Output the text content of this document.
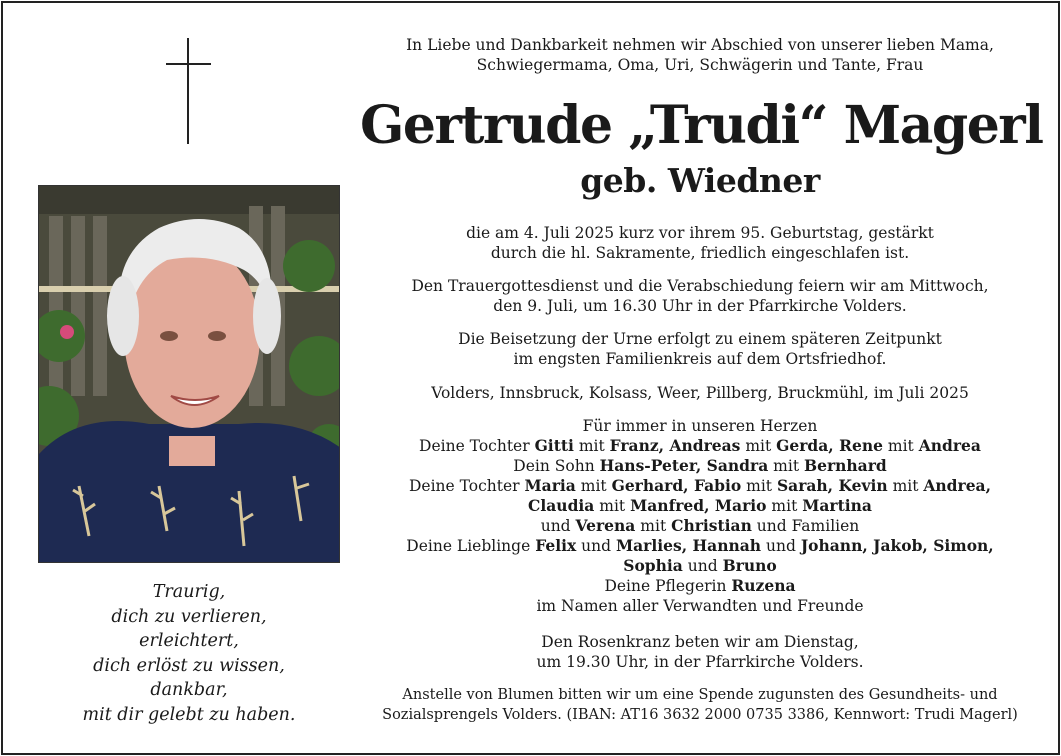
Traurig,
dich zu verlieren,
erleichtert,
dich erlöst zu wissen,
dankbar,
mit dir gelebt zu haben.
In Liebe und Dankbarkeit nehmen wir Abschied von unserer lieben Mama,
Schwiegermama, Oma, Uri, Schwägerin und Tante, Frau
Gertrude „Trudi“ Magerl
geb. Wiedner
die am 4. Juli 2025 kurz vor ihrem 95. Geburtstag, gestärkt
durch die hl. Sakramente, friedlich eingeschlafen ist.
Den Trauergottesdienst und die Verabschiedung feiern wir am Mittwoch,
den 9. Juli, um 16.30 Uhr in der Pfarrkirche Volders.
Die Beisetzung der Urne erfolgt zu einem späteren Zeitpunkt
im engsten Familienkreis auf dem Ortsfriedhof.
Volders, Innsbruck, Kolsass, Weer, Pillberg, Bruckmühl, im Juli 2025
Für immer in unseren Herzen
Deine Tochter Gitti mit Franz, Andreas mit Gerda, Rene mit Andrea
Dein Sohn Hans-Peter, Sandra mit Bernhard
Deine Tochter Maria mit Gerhard, Fabio mit Sarah, Kevin mit Andrea,
Claudia mit Manfred, Mario mit Martina
und Verena mit Christian und Familien
Deine Lieblinge Felix und Marlies, Hannah und Johann, Jakob, Simon,
Sophia und Bruno
Deine Pflegerin Ruzena
im Namen aller Verwandten und Freunde
Den Rosenkranz beten wir am Dienstag,
um 19.30 Uhr, in der Pfarrkirche Volders.
Anstelle von Blumen bitten wir um eine Spende zugunsten des Gesundheits- und
Sozialsprengels Volders. (IBAN: AT16 3632 2000 0735 3386, Kennwort: Trudi Magerl)
